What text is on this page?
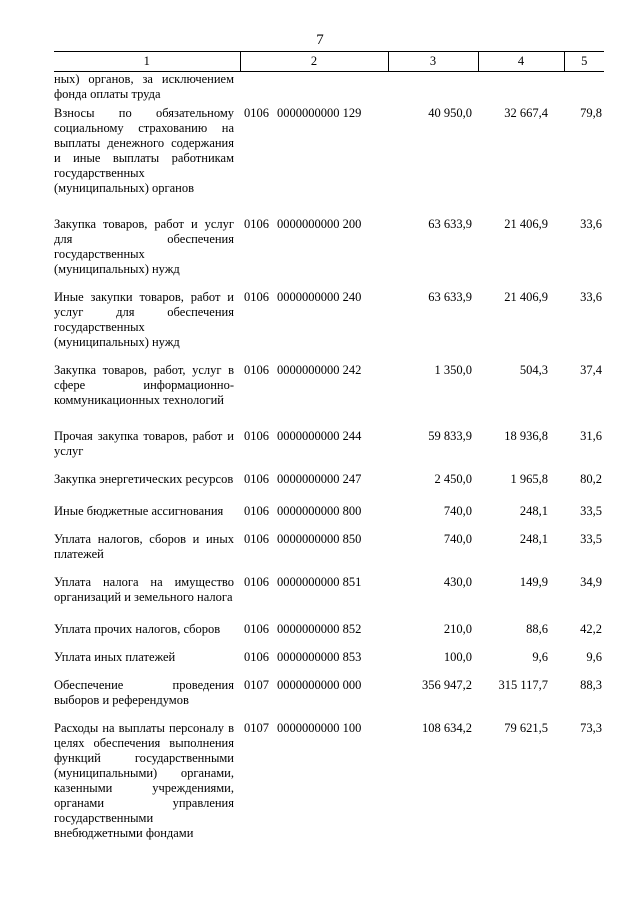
7
1	2	3	4	5
ных) органов, за исключением фонда оплаты труда				
Взносы по обязательному социальному страхованию на выплаты денежного содержания и иные выплаты работникам государственных (муниципальных) органов	0106 0000000000 129	40 950,0	32 667,4	79,8
Закупка товаров, работ и услуг для обеспечения государственных (муниципальных) нужд	0106 0000000000 200	63 633,9	21 406,9	33,6
Иные закупки товаров, работ и услуг для обеспечения государственных (муниципальных) нужд	0106 0000000000 240	63 633,9	21 406,9	33,6
Закупка товаров, работ, услуг в сфере информационно-коммуникационных технологий	0106 0000000000 242	1 350,0	504,3	37,4
Прочая закупка товаров, работ и услуг	0106 0000000000 244	59 833,9	18 936,8	31,6
Закупка энергетических ресурсов	0106 0000000000 247	2 450,0	1 965,8	80,2
Иные бюджетные ассигнования	0106 0000000000 800	740,0	248,1	33,5
Уплата налогов, сборов и иных платежей	0106 0000000000 850	740,0	248,1	33,5
Уплата налога на имущество организаций и земельного налога	0106 0000000000 851	430,0	149,9	34,9
Уплата прочих налогов, сборов	0106 0000000000 852	210,0	88,6	42,2
Уплата иных платежей	0106 0000000000 853	100,0	9,6	9,6
Обеспечение проведения выборов и референдумов	0107 0000000000 000	356 947,2	315 117,7	88,3
Расходы на выплаты персоналу в целях обеспечения выполнения функций государственными (муниципальными) органами, казенными учреждениями, органами управления государственными внебюджетными фондами	0107 0000000000 100	108 634,2	79 621,5	73,3
